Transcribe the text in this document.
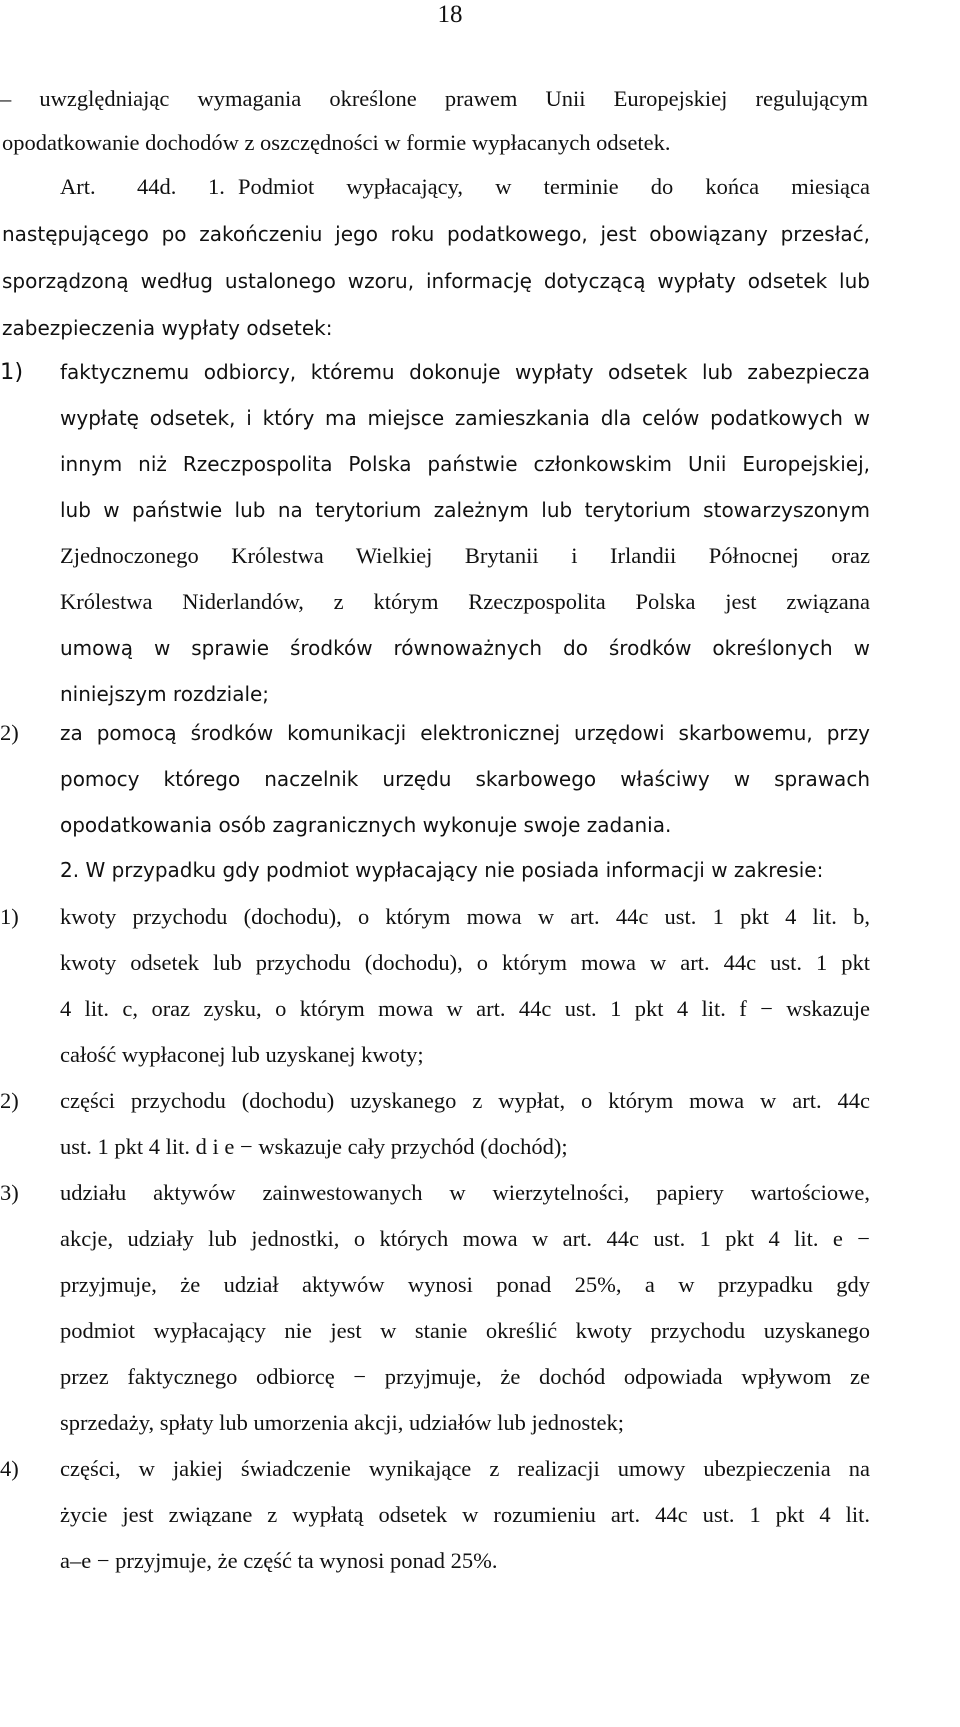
18
– uwzględniając wymagania określone prawem Unii Europejskiej regulującym
opodatkowanie dochodów z oszczędności w formie wypłacanych odsetek.
Art. 44d. 1. Podmiot wypłacający, w terminie do końca miesiąca
następującego po zakończeniu jego roku podatkowego, jest obowiązany przesłać,
sporządzoną według ustalonego wzoru, informację dotyczącą wypłaty odsetek lub
zabezpieczenia wypłaty odsetek:
1)	faktycznemu odbiorcy, któremu dokonuje wypłaty odsetek lub zabezpiecza
wypłatę odsetek, i który ma miejsce zamieszkania dla celów podatkowych w
innym niż Rzeczpospolita Polska państwie członkowskim Unii Europejskiej,
lub w państwie lub na terytorium zależnym lub terytorium stowarzyszonym
Zjednoczonego Królestwa Wielkiej Brytanii i Irlandii Północnej oraz
Królestwa Niderlandów, z którym Rzeczpospolita Polska jest związana
umową w sprawie środków równoważnych do środków określonych w
niniejszym rozdziale;
2)	za pomocą środków komunikacji elektronicznej urzędowi skarbowemu, przy
pomocy którego naczelnik urzędu skarbowego właściwy w sprawach
opodatkowania osób zagranicznych wykonuje swoje zadania.
2. W przypadku gdy podmiot wypłacający nie posiada informacji w zakresie:
1)	kwoty przychodu (dochodu), o którym mowa w art. 44c ust. 1 pkt 4 lit. b,
kwoty odsetek lub przychodu (dochodu), o którym mowa w art. 44c ust. 1 pkt
4 lit. c, oraz zysku, o którym mowa w art. 44c ust. 1 pkt 4 lit. f − wskazuje
całość wypłaconej lub uzyskanej kwoty;
2)	części przychodu (dochodu) uzyskanego z wypłat, o którym mowa w art. 44c
ust. 1 pkt 4 lit. d i e − wskazuje cały przychód (dochód);
3)	udziału aktywów zainwestowanych w wierzytelności, papiery wartościowe,
akcje, udziały lub jednostki, o których mowa w art. 44c ust. 1 pkt 4 lit. e −
przyjmuje, że udział aktywów wynosi ponad 25%, a w przypadku gdy
podmiot wypłacający nie jest w stanie określić kwoty przychodu uzyskanego
przez faktycznego odbiorcę − przyjmuje, że dochód odpowiada wpływom ze
sprzedaży, spłaty lub umorzenia akcji, udziałów lub jednostek;
4)	części, w jakiej świadczenie wynikające z realizacji umowy ubezpieczenia na
życie jest związane z wypłatą odsetek w rozumieniu art. 44c ust. 1 pkt 4 lit.
a–e − przyjmuje, że część ta wynosi ponad 25%.
